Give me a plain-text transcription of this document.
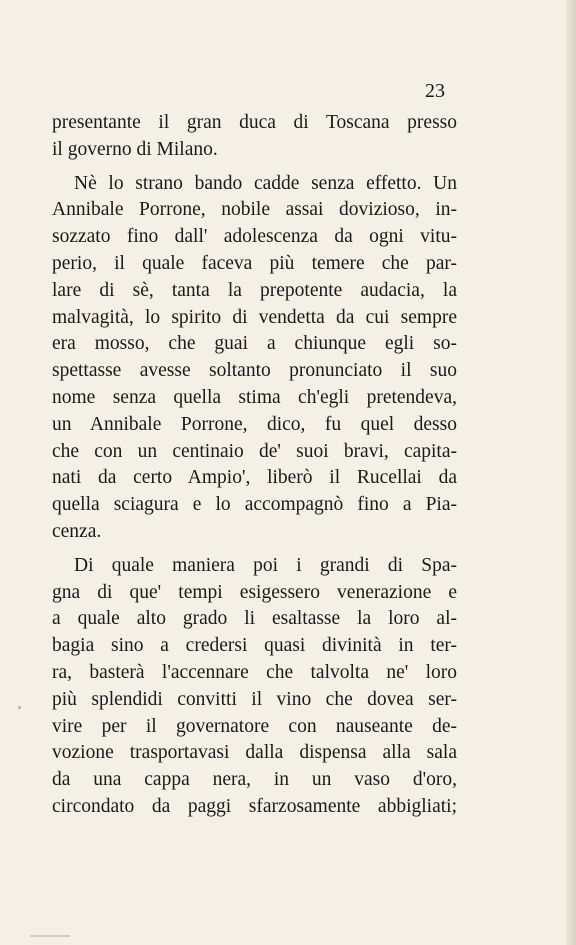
23
presentante il gran duca di Toscana presso
il governo di Milano.
Nè lo strano bando cadde senza effetto. Un
Annibale Porrone, nobile assai dovizioso, in-
sozzato fino dall' adolescenza da ogni vitu-
perio, il quale faceva più temere che par-
lare di sè, tanta la prepotente audacia, la
malvagità, lo spirito di vendetta da cui sempre
era mosso, che guai a chiunque egli so-
spettasse avesse soltanto pronunciato il suo
nome senza quella stima ch'egli pretendeva,
un Annibale Porrone, dico, fu quel desso
che con un centinaio de' suoi bravi, capita-
nati da certo Ampio', liberò il Rucellai da
quella sciagura e lo accompagnò fino a Pia-
cenza.
Di quale maniera poi i grandi di Spa-
gna di que' tempi esigessero venerazione e
a quale alto grado li esaltasse la loro al-
bagia sino a credersi quasi divinità in ter-
ra, basterà l'accennare che talvolta ne' loro
più splendidi convitti il vino che dovea ser-
vire per il governatore con nauseante de-
vozione trasportavasi dalla dispensa alla sala
da una cappa nera, in un vaso d'oro,
circondato da paggi sfarzosamente abbigliati;
